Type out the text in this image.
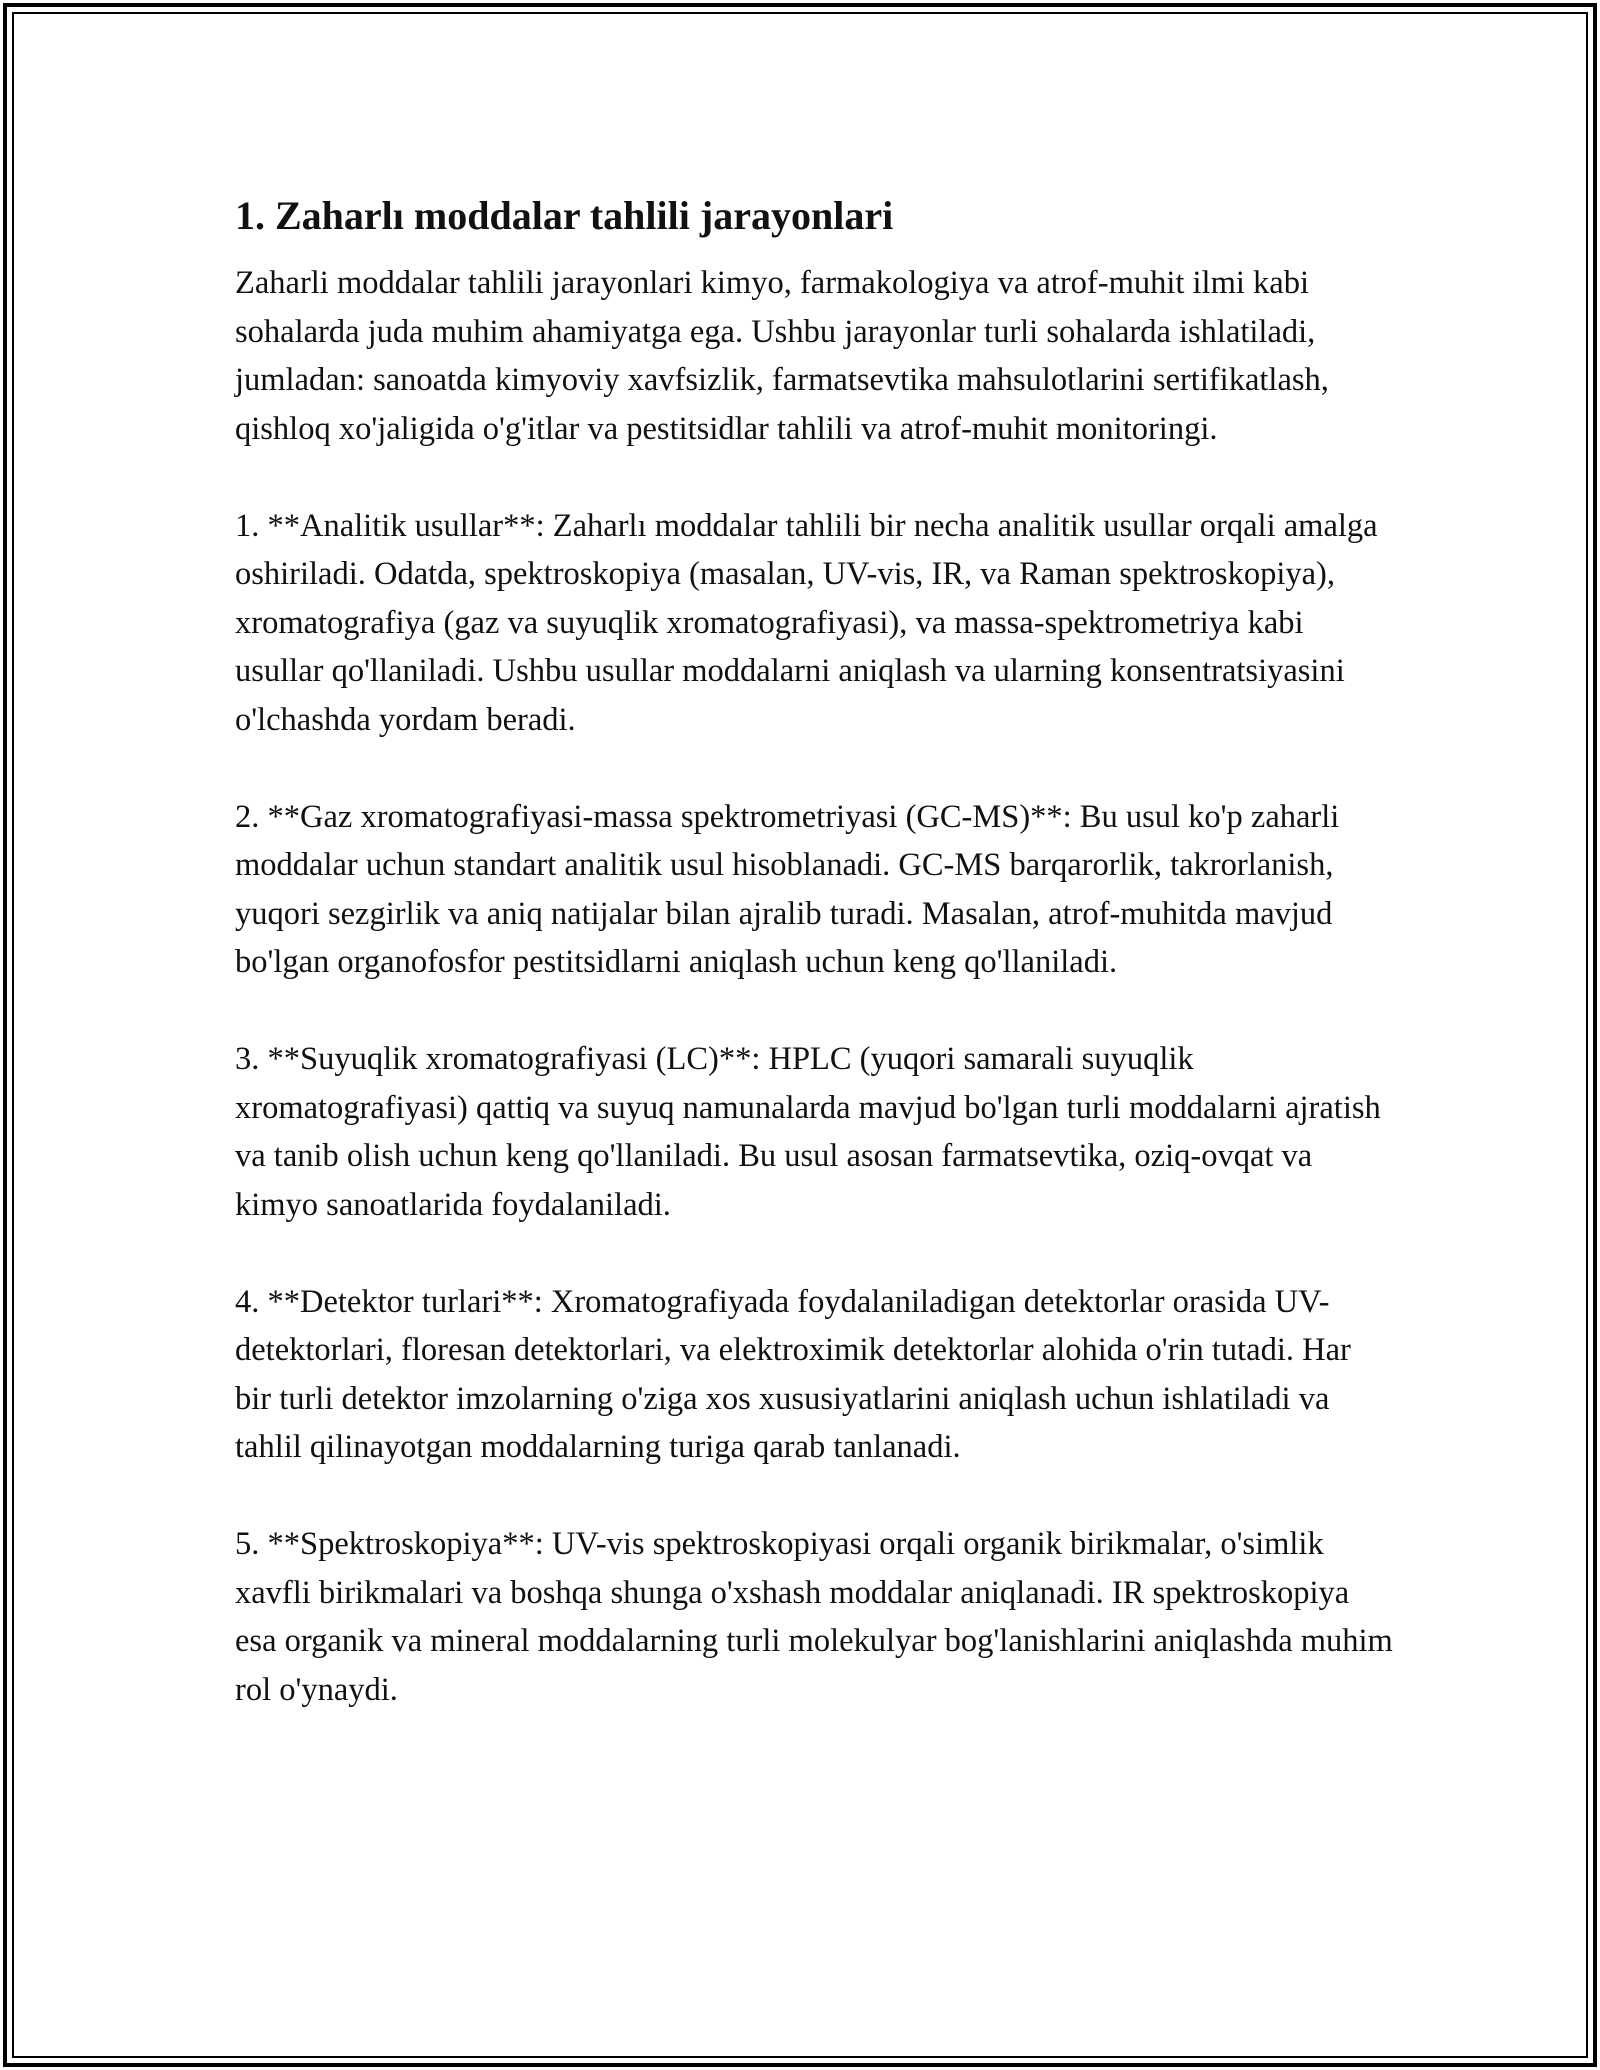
1. Zaharlı moddalar tahlili jarayonlari

Zaharli moddalar tahlili jarayonlari kimyo, farmakologiya va atrof-muhit ilmi kabi sohalarda juda muhim ahamiyatga ega. Ushbu jarayonlar turli sohalarda ishlatiladi, jumladan: sanoatda kimyoviy xavfsizlik, farmatsevtika mahsulotlarini sertifikatlash, qishloq xo'jaligida o'g'itlar va pestitsidlar tahlili va atrof-muhit monitoringi.

1. **Analitik usullar**: Zaharlı moddalar tahlili bir necha analitik usullar orqali amalga oshiriladi. Odatda, spektroskopiya (masalan, UV-vis, IR, va Raman spektroskopiya), xromatografiya (gaz va suyuqlik xromatografiyasi), va massa-spektrometriya kabi usullar qo'llaniladi. Ushbu usullar moddalarni aniqlash va ularning konsentratsiyasini o'lchashda yordam beradi.

2. **Gaz xromatografiyasi-massa spektrometriyasi (GC-MS)**: Bu usul ko'p zaharli moddalar uchun standart analitik usul hisoblanadi. GC-MS barqarorlik, takrorlanish, yuqori sezgirlik va aniq natijalar bilan ajralib turadi. Masalan, atrof-muhitda mavjud bo'lgan organofosfor pestitsidlarni aniqlash uchun keng qo'llaniladi.

3. **Suyuqlik xromatografiyasi (LC)**: HPLC (yuqori samarali suyuqlik xromatografiyasi) qattiq va suyuq namunalarda mavjud bo'lgan turli moddalarni ajratish va tanib olish uchun keng qo'llaniladi. Bu usul asosan farmatsevtika, oziq-ovqat va kimyo sanoatlarida foydalaniladi.

4. **Detektor turlari**: Xromatografiyada foydalaniladigan detektorlar orasida UV-detektorlari, floresan detektorlari, va elektroximik detektorlar alohida o'rin tutadi. Har bir turli detektor imzolarning o'ziga xos xususiyatlarini aniqlash uchun ishlatiladi va tahlil qilinayotgan moddalarning turiga qarab tanlanadi.

5. **Spektroskopiya**: UV-vis spektroskopiyasi orqali organik birikmalar, o'simlik xavfli birikmalari va boshqa shunga o'xshash moddalar aniqlanadi. IR spektroskopiya esa organik va mineral moddalarning turli molekulyar bog'lanishlarini aniqlashda muhim rol o'ynaydi.
